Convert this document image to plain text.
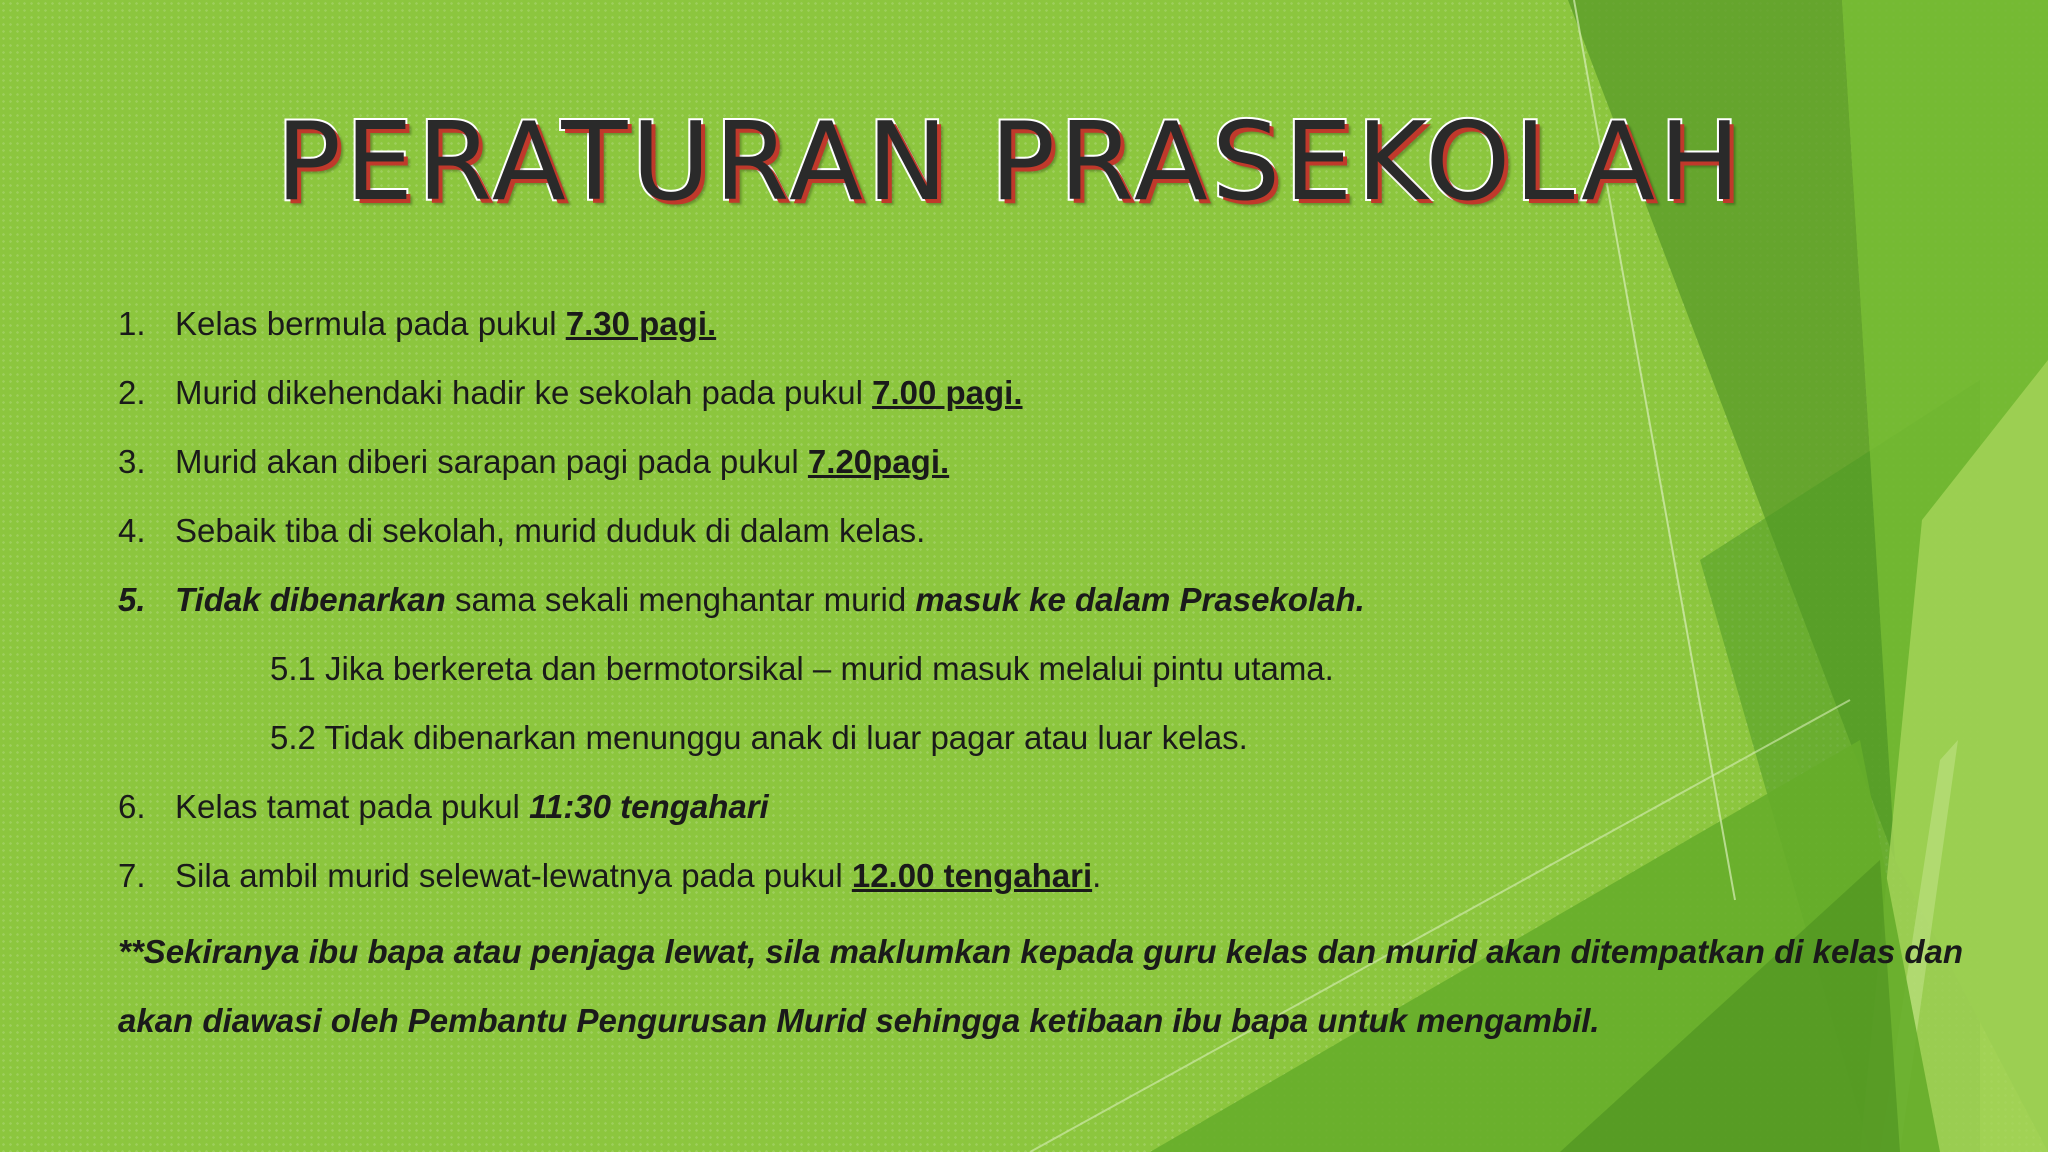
PERATURAN PRASEKOLAH
1. Kelas bermula pada pukul 7.30 pagi.
2. Murid dikehendaki hadir ke sekolah pada pukul 7.00 pagi.
3. Murid akan diberi sarapan pagi pada pukul 7.20pagi.
4. Sebaik tiba di sekolah, murid duduk di dalam kelas.
5. Tidak dibenarkan sama sekali menghantar murid masuk ke dalam Prasekolah.
5.1 Jika berkereta dan bermotorsikal – murid masuk melalui pintu utama.
5.2 Tidak dibenarkan menunggu anak di luar pagar atau luar kelas.
6. Kelas tamat pada pukul 11:30 tengahari
7. Sila ambil murid selewat-lewatnya pada pukul 12.00 tengahari.
**Sekiranya ibu bapa atau penjaga lewat, sila maklumkan kepada guru kelas dan murid akan ditempatkan di kelas dan akan diawasi oleh Pembantu Pengurusan Murid sehingga ketibaan ibu bapa untuk mengambil.
